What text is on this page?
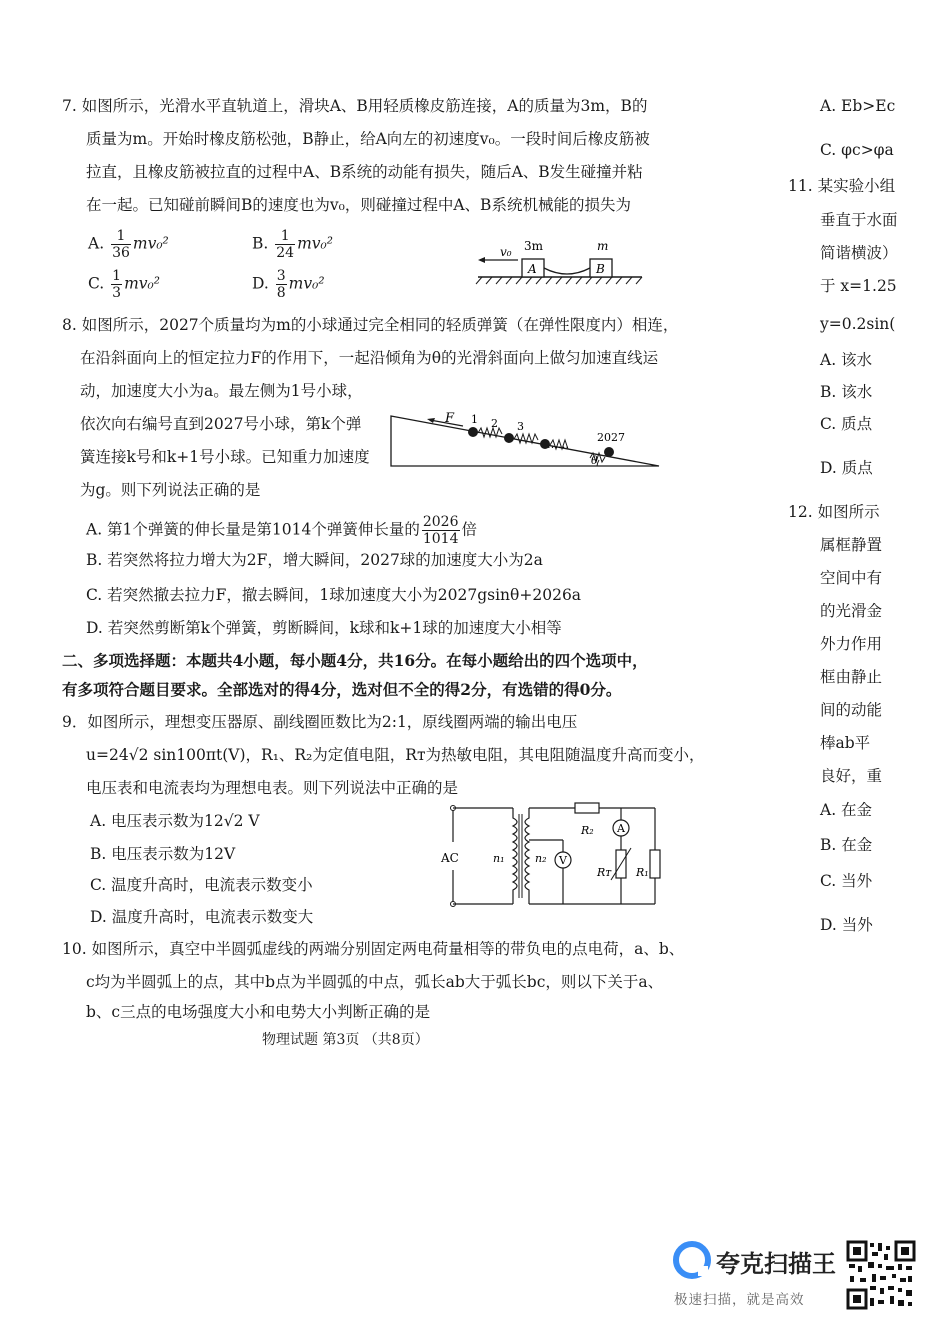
7. 如图所示，光滑水平直轨道上，滑块A、B用轻质橡皮筋连接，A的质量为3m，B的
质量为m。开始时橡皮筋松弛，B静止，给A向左的初速度v₀。一段时间后橡皮筋被
拉直，且橡皮筋被拉直的过程中A、B系统的动能有损失，随后A、B发生碰撞并粘
在一起。已知碰前瞬间B的速度也为v₀，则碰撞过程中A、B系统机械能的损失为
A. $\frac{1}{36} mv_0^2$	B. $\frac{1}{24} mv_0^2$
C. $\frac{1}{3} mv_0^2$	D. $\frac{3}{8} mv_0^2$
v₀ 3m	m
A	B
8. 如图所示，2027个质量均为m的小球通过完全相同的轻质弹簧（在弹性限度内）相连，
在沿斜面向上的恒定拉力F的作用下，一起沿倾角为θ的光滑斜面向上做匀加速直线运
动，加速度大小为a。最左侧为1号小球，
依次向右编号直到2027号小球，第k个弹
簧连接k号和k+1号小球。已知重力加速度
为g。则下列说法正确的是
F 1 2 3
……
2027
θ
A. 第1个弹簧的伸长量是第1014个弹簧伸长量的 $\frac{2026}{1014}$ 倍
B. 若突然将拉力增大为2F，增大瞬间，2027球的加速度大小为2a
C. 若突然撤去拉力F，撤去瞬间，1球加速度大小为2027gsinθ+2026a
D. 若突然剪断第k个弹簧，剪断瞬间，k球和k+1球的加速度大小相等
二、多项选择题：本题共4小题，每小题4分，共16分。在每小题给出的四个选项中，
有多项符合题目要求。全部选对的得4分，选对但不全的得2分，有选错的得0分。
9．如图所示，理想变压器原、副线圈匝数比为2:1，原线圈两端的输出电压
u=24√2 sin100πt(V)，R₁、R₂为定值电阻，Rᴛ为热敏电阻，其电阻随温度升高而变小，
电压表和电流表均为理想电表。则下列说法中正确的是
A. 电压表示数为12√2 V
B. 电压表示数为12V
C. 温度升高时，电流表示数变小
D. 温度升高时，电流表示数变大
AC	n₁	n₂ V
R₂ A
Rᴛ R₁
10. 如图所示，真空中半圆弧虚线的两端分别固定两电荷量相等的带负电的点电荷，a、b、
c均为半圆弧上的点，其中b点为半圆弧的中点，弧长ab大于弧长bc，则以下关于a、
b、c三点的电场强度大小和电势大小判断正确的是
物理试题 第3页 （共8页）
A. Eb>Ec
C. φc>φa
11. 某实验小组
垂直于水面
简谐横波）
于 x=1.25
y=0.2sin(
A. 该水
B. 该水
C. 质点
D. 质点
12. 如图所示
属框静置
空间中有
的光滑金
外力作用
框由静止
间的动能
棒ab平
良好，重
A. 在金
B. 在金
C. 当外
D. 当外
夸克扫描王
极速扫描，就是高效
